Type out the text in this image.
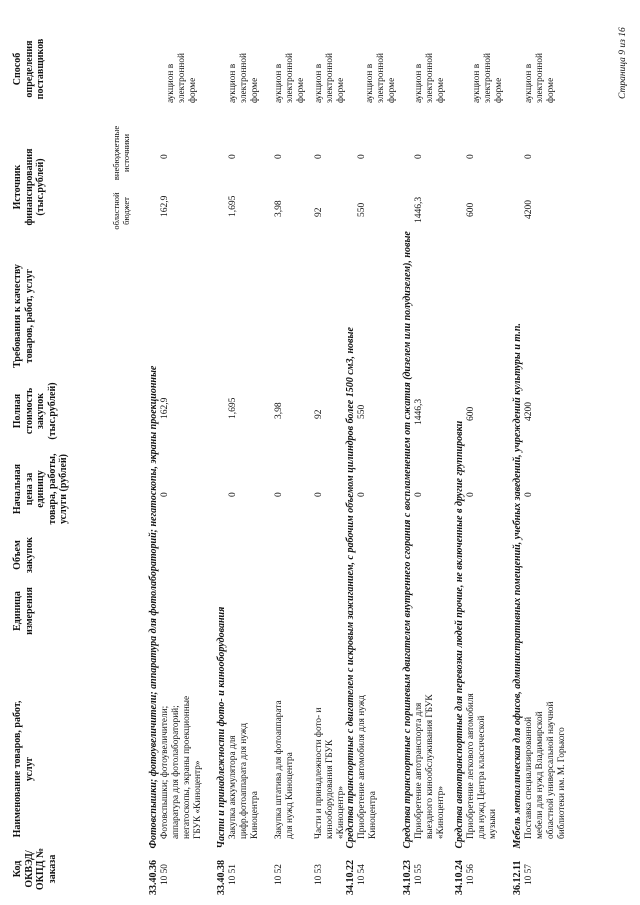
Код ОКВЭД/ ОКПД № заказа
Наименование товаров, работ, услуг
Единица измерения
Объем закупок
Начальная цена за единицу товара, работы, услуги (рублей)
Полная стоимость закупок (тыс.рублей)
Требования к качеству товаров, работ, услуг
Источник финансирования (тыс.рублей)	областной бюджет
внебюджетные источники
Способ определения поставщиков
33.40.36 Фотовспышки; фотоувеличители; аппаратура для фотолабораторий; негатоскопы, экраны проекционные
10 50
Фотовспышки; фотоувеличители; аппаратура для фотолабораторий; негатоскопы, экраны проекционные ГБУК «Киноцентр»
0
162,9
162,9
0
аукцион в электронной форме
33.40.38 Части и принадлежности фото- и кинооборудования
10 51
Закупка аккумулятора для цифр.фотоаппарата для нужд Киноцентра
0
1,695
1,695
0
аукцион в электронной форме
10 52
Закупка штатива для фотоаппарата для нужд Киноцентра
0
3,98
3,98
0
аукцион в электронной форме
10 53
Части и принадлежности фото- и кинооборудования ГБУК «Киноцентр»
0
92
92
0
аукцион в электронной форме
34.10.22 Средства транспортные с двигателем с искровым зажиганием, с рабочим объемом цилиндров более 1500 см3, новые
10 54
Приобретение автомобиля для нужд Киноцентра
0
550
550
0
аукцион в электронной форме
34.10.23 Средства транспортные с поршневым двигателем внутреннего сгорания с воспламенением от сжатия (дизелем или полудизелем), новые
10 55
Приобретение автотранспорта для выездного кинообслуживания ГБУК «Киноцентр»
0
1446,3
1446,3
0
аукцион в электронной форме
34.10.24 Средства автотранспортные для перевозки людей прочие, не включенные в другие группировки
10 56
Приобретение легкового автомобиля для нужд Центра классической музыки
0
600
600
0
аукцион в электронной форме
36.12.11 Мебель металлическая для офисов, административных помещений, учебных заведений, учреждений культуры и т.п.
10 57
Поставка специализированной мебели для нужд Владимирской областной универсальной научной библиотеки им. М. Горького
0
4200
4200
0
аукцион в электронной форме	Страница 9 из 16
